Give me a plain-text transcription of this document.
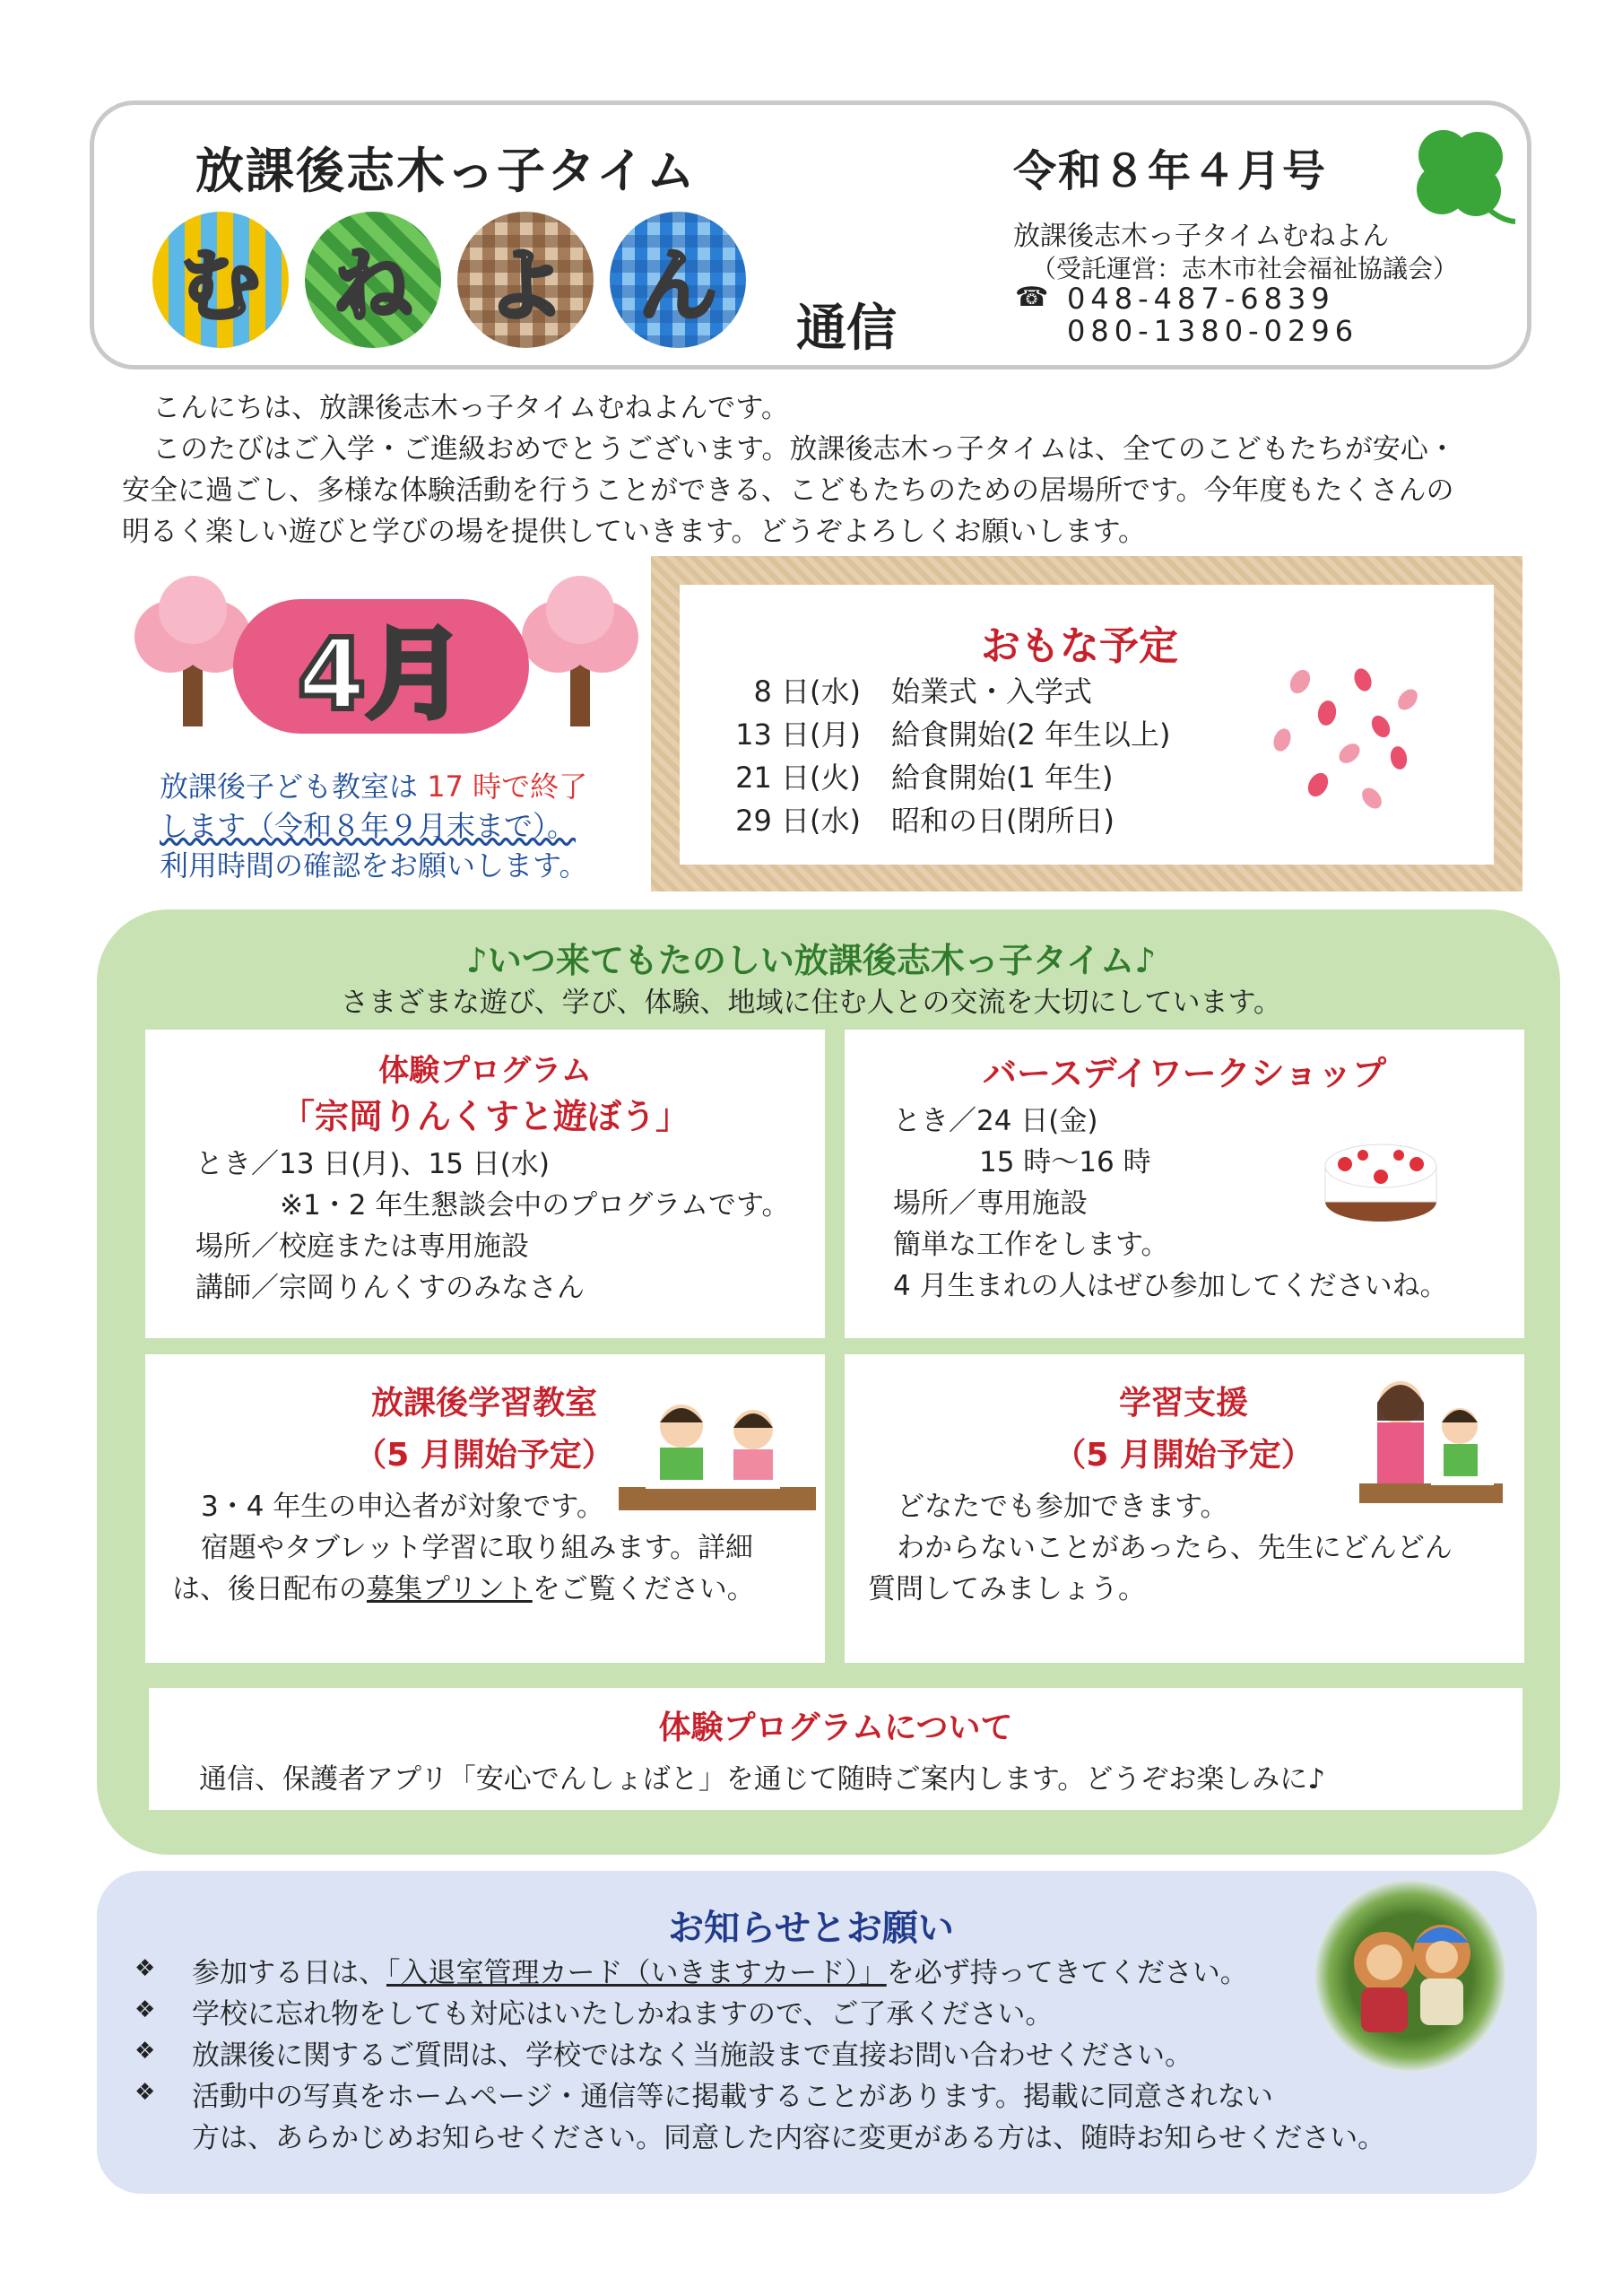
放課後志木っ子タイム
む ね よ ん	通信
令和８年４月号
放課後志木っ子タイムむねよん
（受託運営：志木市社会福祉協議会）
☎ 048-487-6839
080-1380-0296
こんにちは、放課後志木っ子タイムむねよんです。
このたびはご入学・ご進級おめでとうございます。放課後志木っ子タイムは、全てのこどもたちが安心・
安全に過ごし、多様な体験活動を行うことができる、こどもたちのための居場所です。今年度もたくさんの
明るく楽しい遊びと学びの場を提供していきます。どうぞよろしくお願いします。
4月
放課後子ども教室は 17 時で終了
します（令和８年９月末まで）。
利用時間の確認をお願いします。
おもな予定
8 日(水) 始業式・入学式
13 日(月) 給食開始(2 年生以上)
21 日(火) 給食開始(1 年生)
29 日(水) 昭和の日(閉所日)
♪いつ来てもたのしい放課後志木っ子タイム♪
さまざまな遊び、学び、体験、地域に住む人との交流を大切にしています。
体験プログラム
「宗岡りんくすと遊ぼう」
とき／13 日(月)、15 日(水)
※1・2 年生懇談会中のプログラムです。
場所／校庭または専用施設
講師／宗岡りんくすのみなさん
バースデイワークショップ
とき／24 日(金)
15 時～16 時
場所／専用施設
簡単な工作をします。
4 月生まれの人はぜひ参加してくださいね。
放課後学習教室
（5 月開始予定）
3・4 年生の申込者が対象です。
宿題やタブレット学習に取り組みます。詳細
は、後日配布の募集プリントをご覧ください。
学習支援
（5 月開始予定）
どなたでも参加できます。
わからないことがあったら、先生にどんどん
質問してみましょう。
体験プログラムについて
通信、保護者アプリ「安心でんしょばと」を通じて随時ご案内します。どうぞお楽しみに♪
お知らせとお願い
❖ 参加する日は、「入退室管理カード（いきますカード）」を必ず持ってきてください。
❖ 学校に忘れ物をしても対応はいたしかねますので、ご了承ください。
❖ 放課後に関するご質問は、学校ではなく当施設まで直接お問い合わせください。
❖ 活動中の写真をホームページ・通信等に掲載することがあります。掲載に同意されない
方は、あらかじめお知らせください。同意した内容に変更がある方は、随時お知らせください。
